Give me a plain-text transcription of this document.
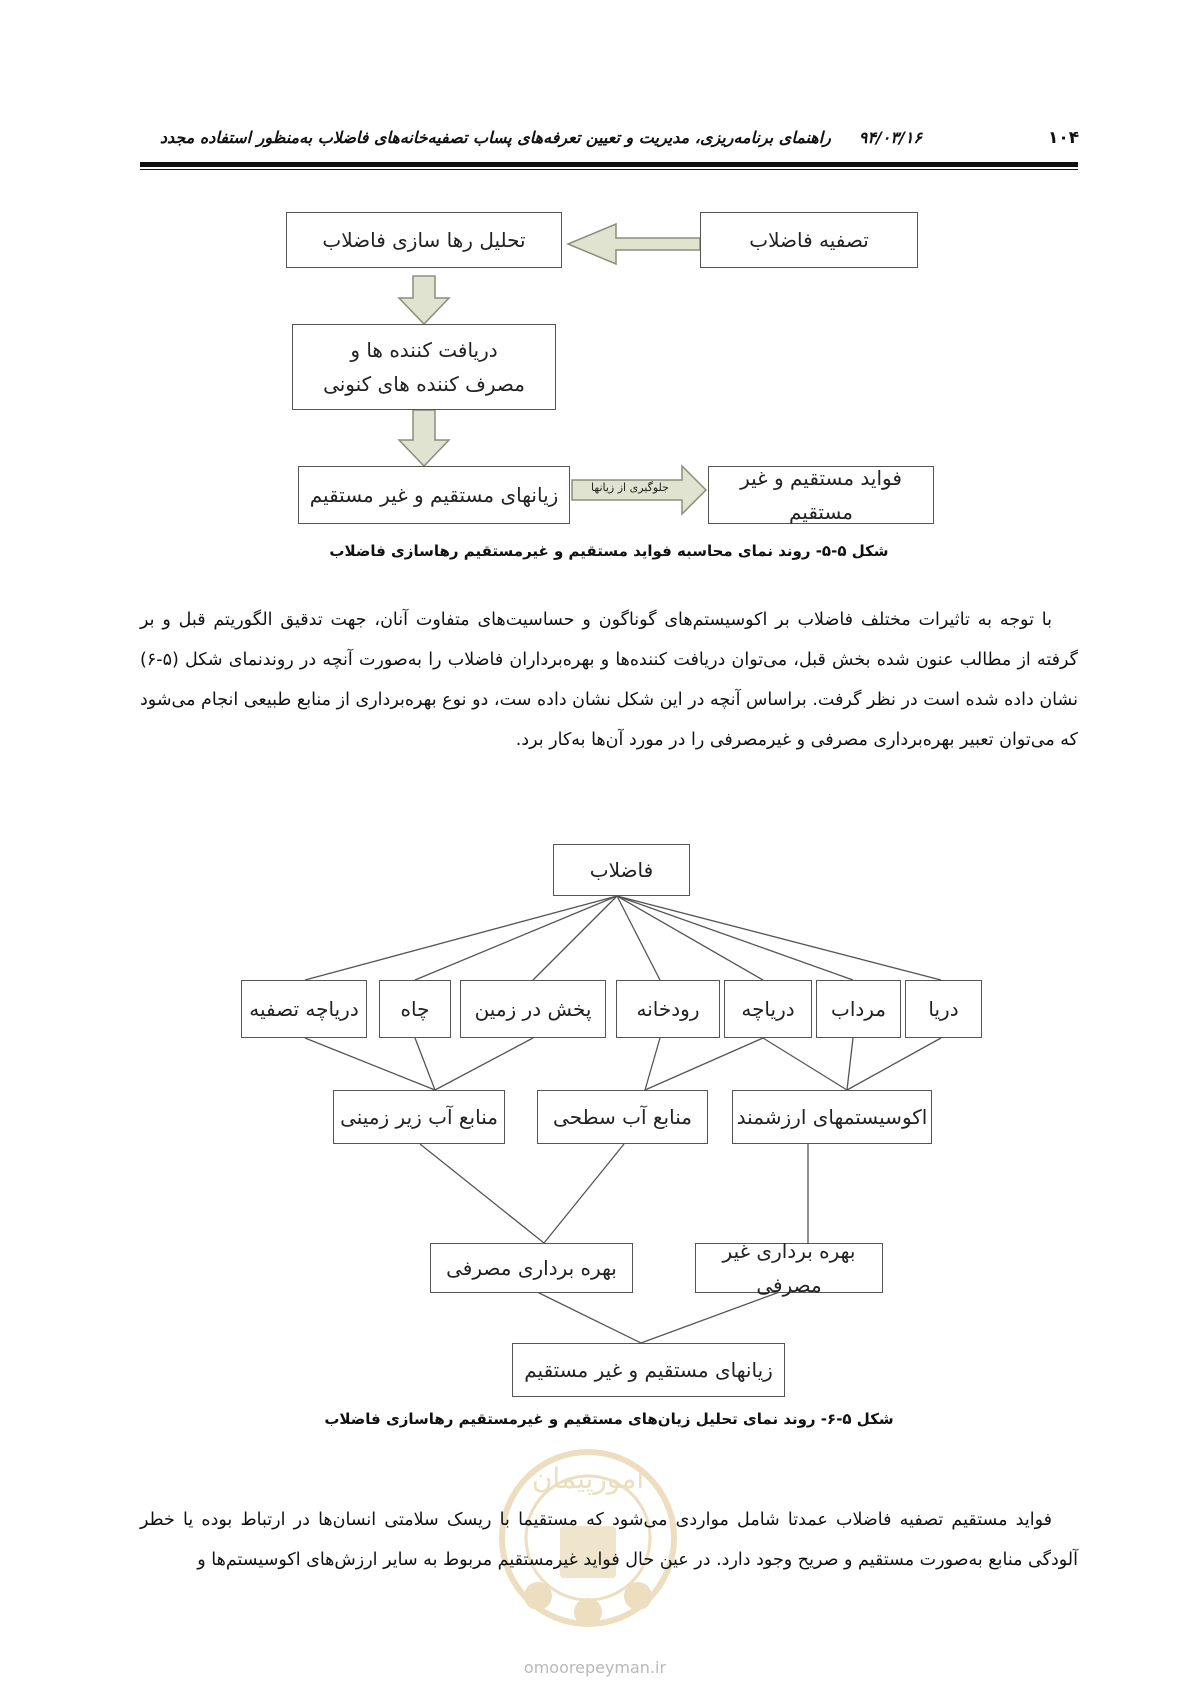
۱۰۴
۹۴/۰۳/۱۶     راهنمای برنامه‌ریزی، مدیریت و تعیین تعرفه‌های پساب تصفیه‌خانه‌های فاضلاب به‌منظور استفاده مجدد
تصفیه فاضلاب
تحلیل رها سازی فاضلاب
دریافت کننده ها و
مصرف کننده های کنونی
زیانهای مستقیم و غیر مستقیم	جلوگیری از زیانها	فواید مستقیم و غیر مستقیم
شکل ۵-۵- روند نمای محاسبه فواید مستقیم و غیرمستقیم رهاسازی فاضلاب
با توجه به تاثیرات مختلف فاضلاب بر اکوسیستم‌های گوناگون و حساسیت‌های متفاوت آنان، جهت تدقیق الگوریتم قبل و بر گرفته از مطالب عنون شده بخش قبل، می‌توان دریافت کننده‌ها و بهره‌برداران فاضلاب را به‌صورت آنچه در روندنمای شکل (۵-۶) نشان داده شده است در نظر گرفت. براساس آنچه در این شکل نشان داده ست، دو نوع بهره‌برداری از منابع طبیعی انجام می‌شود که می‌توان تعبیر بهره‌برداری مصرفی و غیرمصرفی را در مورد آن‌ها به‌کار برد.
فاضلاب
دریا
مرداب
دریاچه
رودخانه
پخش در زمین
چاه
دریاچه تصفیه
اکوسیستمهای ارزشمند
منابع آب سطحی
منابع آب زیر زمینی
بهره برداری غیر مصرفی
بهره برداری مصرفی
زیانهای مستقیم و غیر مستقیم
شکل ۵-۶- روند نمای تحلیل زیان‌های مستقیم و غیرمستقیم رهاسازی فاضلاب
امورپیمان
فواید مستقیم تصفیه فاضلاب عمدتا شامل مواردی می‌شود که مستقیما با ریسک سلامتی انسان‌ها در ارتباط بوده یا خطر آلودگی منابع به‌صورت مستقیم و صریح وجود دارد. در عین حال فواید غیرمستقیم مربوط به سایر ارزش‌های اکوسیستم‌ها و
omoorepeyman.ir
